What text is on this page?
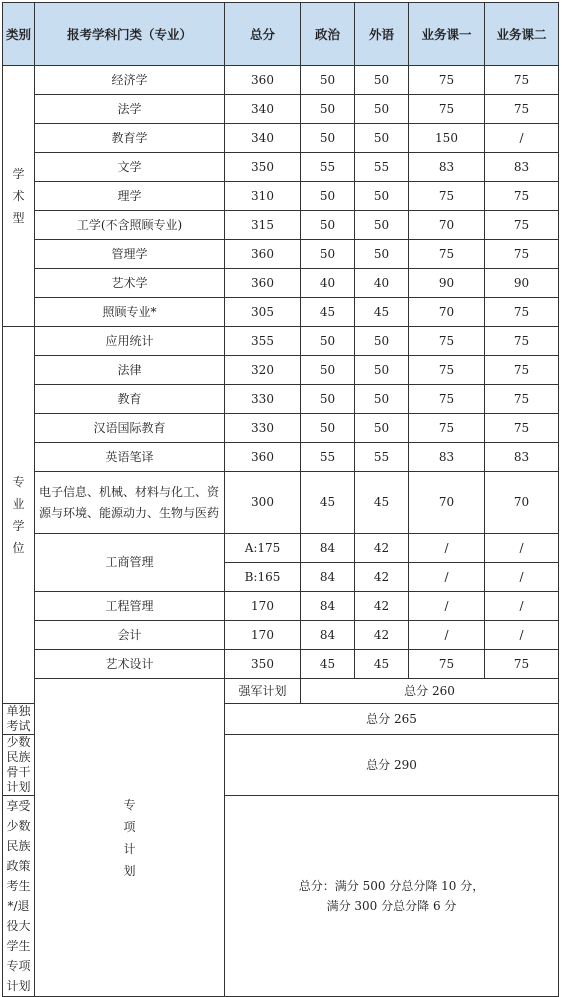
类别	报考学科门类（专业）	总分	政治	外语	业务课一	业务课二
学术型	经济学	360	50	50	75	75
	法学	340	50	50	75	75
	教育学	340	50	50	150	/
	文学	350	55	55	83	83
	理学	310	50	50	75	75
	工学(不含照顾专业)	315	50	50	70	75
	管理学	360	50	50	75	75
	艺术学	360	40	40	90	90
	照顾专业*	305	45	45	70	75
专业学位	应用统计	355	50	50	75	75
	法律	320	50	50	75	75
	教育	330	50	50	75	75
	汉语国际教育	330	50	50	75	75
	英语笔译	360	55	55	83	83
	电子信息、机械、材料与化工、资源与环境、能源动力、生物与医药	300	45	45	70	70
	工商管理	A:175	84	42	/	/
		B:165	84	42	/	/
	工程管理	170	84	42	/	/
	会计	170	84	42	/	/
	艺术设计	350	45	45	75	75
	专项计划	强军计划	总分 260			
单独考试		总分 265				
少数民族骨干计划		总分 290				
享受少数民族政策考生*/退役大学生专项计划		总分：满分 500 分总分降 10 分，
满分 300 分总分降 6 分				
